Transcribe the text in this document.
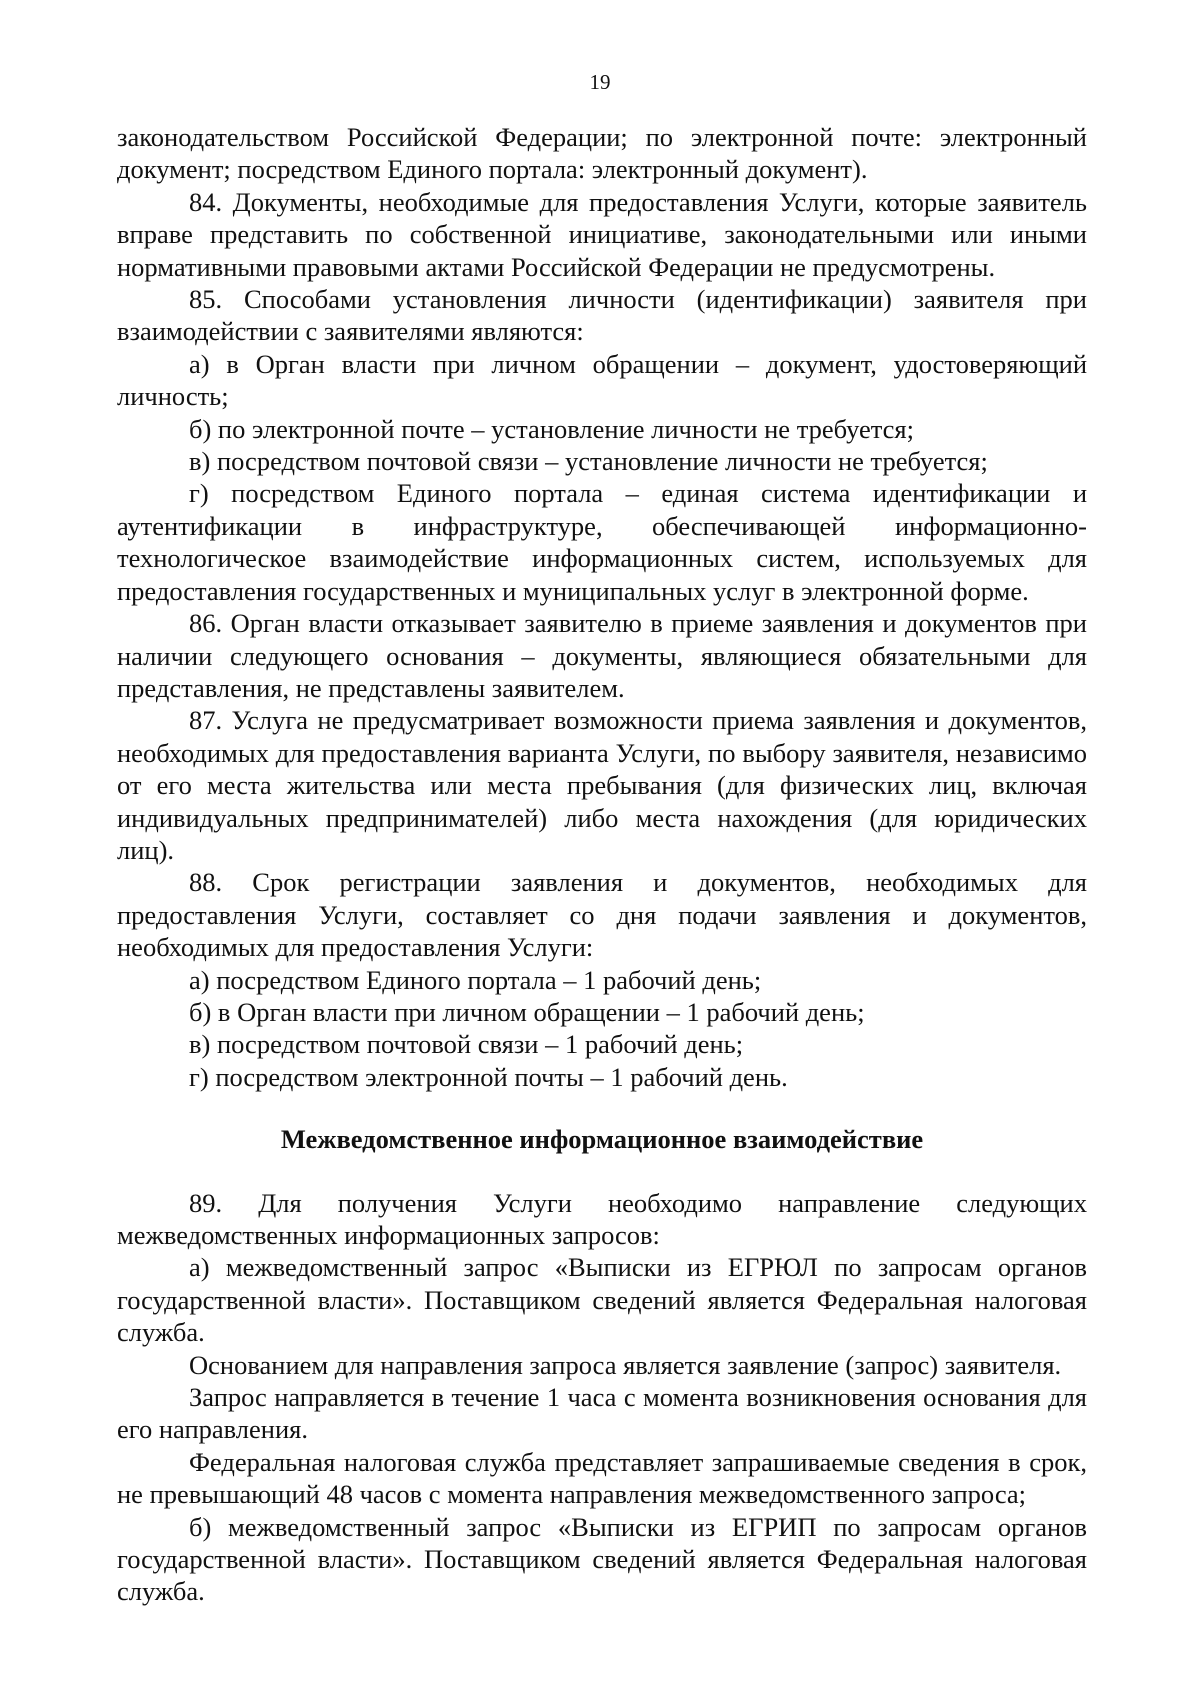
19

законодательством Российской Федерации; по электронной почте: электронный документ; посредством Единого портала: электронный документ).

84. Документы, необходимые для предоставления Услуги, которые заявитель вправе представить по собственной инициативе, законодательными или иными нормативными правовыми актами Российской Федерации не предусмотрены.

85. Способами установления личности (идентификации) заявителя при взаимодействии с заявителями являются:

а) в Орган власти при личном обращении – документ, удостоверяющий личность;

б) по электронной почте – установление личности не требуется;

в) посредством почтовой связи – установление личности не требуется;

г) посредством Единого портала – единая система идентификации и аутентификации в инфраструктуре, обеспечивающей информационно-технологическое взаимодействие информационных систем, используемых для предоставления государственных и муниципальных услуг в электронной форме.

86. Орган власти отказывает заявителю в приеме заявления и документов при наличии следующего основания – документы, являющиеся обязательными для представления, не представлены заявителем.

87. Услуга не предусматривает возможности приема заявления и документов, необходимых для предоставления варианта Услуги, по выбору заявителя, независимо от его места жительства или места пребывания (для физических лиц, включая индивидуальных предпринимателей) либо места нахождения (для юридических лиц).

88. Срок регистрации заявления и документов, необходимых для предоставления Услуги, составляет со дня подачи заявления и документов, необходимых для предоставления Услуги:

а) посредством Единого портала – 1 рабочий день;

б) в Орган власти при личном обращении – 1 рабочий день;

в) посредством почтовой связи – 1 рабочий день;

г) посредством электронной почты – 1 рабочий день.

Межведомственное информационное взаимодействие

89. Для получения Услуги необходимо направление следующих межведомственных информационных запросов:

а) межведомственный запрос «Выписки из ЕГРЮЛ по запросам органов государственной власти». Поставщиком сведений является Федеральная налоговая служба.

Основанием для направления запроса является заявление (запрос) заявителя.

Запрос направляется в течение 1 часа с момента возникновения основания для его направления.

Федеральная налоговая служба представляет запрашиваемые сведения в срок, не превышающий 48 часов с момента направления межведомственного запроса;

б) межведомственный запрос «Выписки из ЕГРИП по запросам органов государственной власти». Поставщиком сведений является Федеральная налоговая служба.
